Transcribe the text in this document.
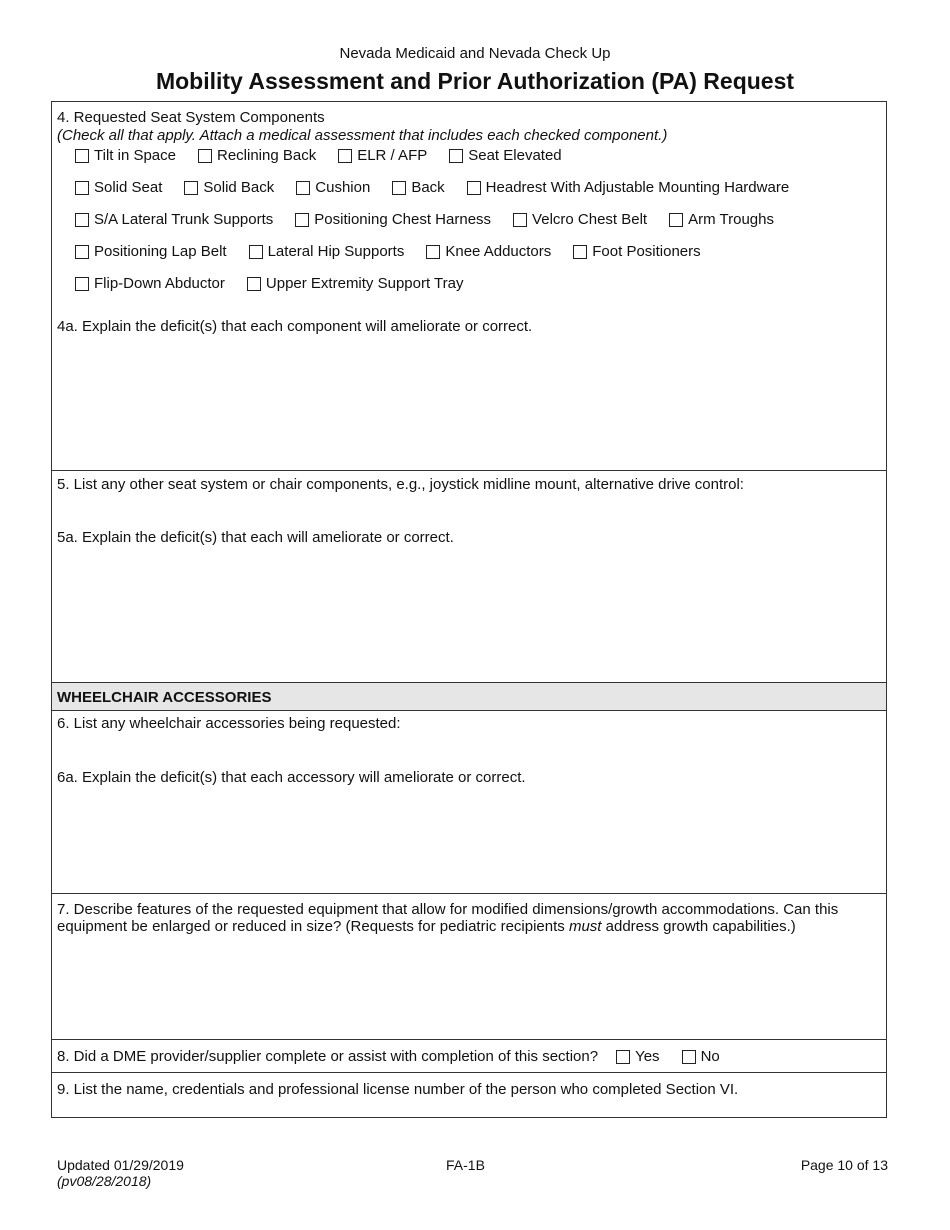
Nevada Medicaid and Nevada Check Up
Mobility Assessment and Prior Authorization (PA) Request
4. Requested Seat System Components
(Check all that apply. Attach a medical assessment that includes each checked component.)
Tilt in Space	Reclining Back	ELR / AFP	Seat Elevated
Solid Seat	Solid Back	Cushion	Back	Headrest With Adjustable Mounting Hardware
S/A Lateral Trunk Supports	Positioning Chest Harness	Velcro Chest Belt	Arm Troughs
Positioning Lap Belt	Lateral Hip Supports	Knee Adductors	Foot Positioners
Flip-Down Abductor	Upper Extremity Support Tray
4a. Explain the deficit(s) that each component will ameliorate or correct.
5. List any other seat system or chair components, e.g., joystick midline mount, alternative drive control:
5a. Explain the deficit(s) that each will ameliorate or correct.
WHEELCHAIR ACCESSORIES
6. List any wheelchair accessories being requested:
6a. Explain the deficit(s) that each accessory will ameliorate or correct.
7. Describe features of the requested equipment that allow for modified dimensions/growth accommodations. Can this equipment be enlarged or reduced in size? (Requests for pediatric recipients must address growth capabilities.)
8. Did a DME provider/supplier complete or assist with completion of this section? Yes	No
9. List the name, credentials and professional license number of the person who completed Section VI.
Updated 01/29/2019
(pv08/28/2018)
FA-1B	Page 10 of 13
